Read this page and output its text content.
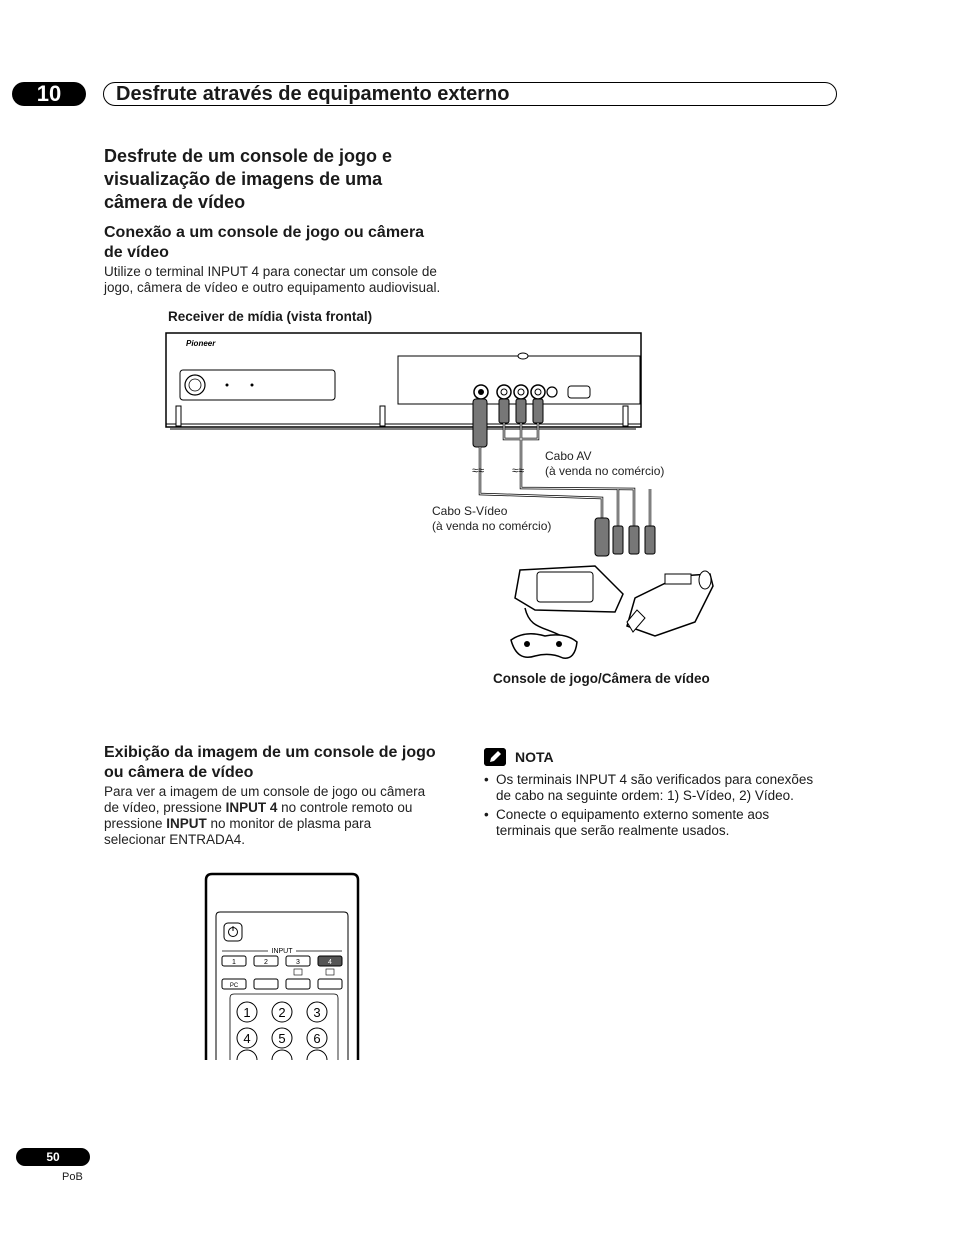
10	Desfrute através de equipamento externo
Desfrute de um console de jogo e
visualização de imagens de uma
câmera de vídeo
Conexão a um console de jogo ou câmera
de vídeo

Utilize o terminal INPUT 4 para conectar um console de
jogo, câmera de vídeo e outro equipamento audiovisual.

Receiver de mídia (vista frontal)
Pioneer
≈≈	≈≈
Cabo AV
(à venda no comércio)
Cabo S-Vídeo
(à venda no comércio)
Console de jogo/Câmera de vídeo
Exibição da imagem de um console de jogo
ou câmera de vídeo

Para ver a imagem de um console de jogo ou câmera
de vídeo, pressione INPUT 4 no controle remoto ou
pressione INPUT no monitor de plasma para
selecionar ENTRADA4.

NOTA
• Os terminais INPUT 4 são verificados para conexões
de cabo na seguinte ordem: 1) S-Vídeo, 2) Vídeo.
• Conecte o equipamento externo somente aos
terminais que serão realmente usados.
INPUT
1	2	3	4
PC
1 2 3
4 5 6
50
PoB
